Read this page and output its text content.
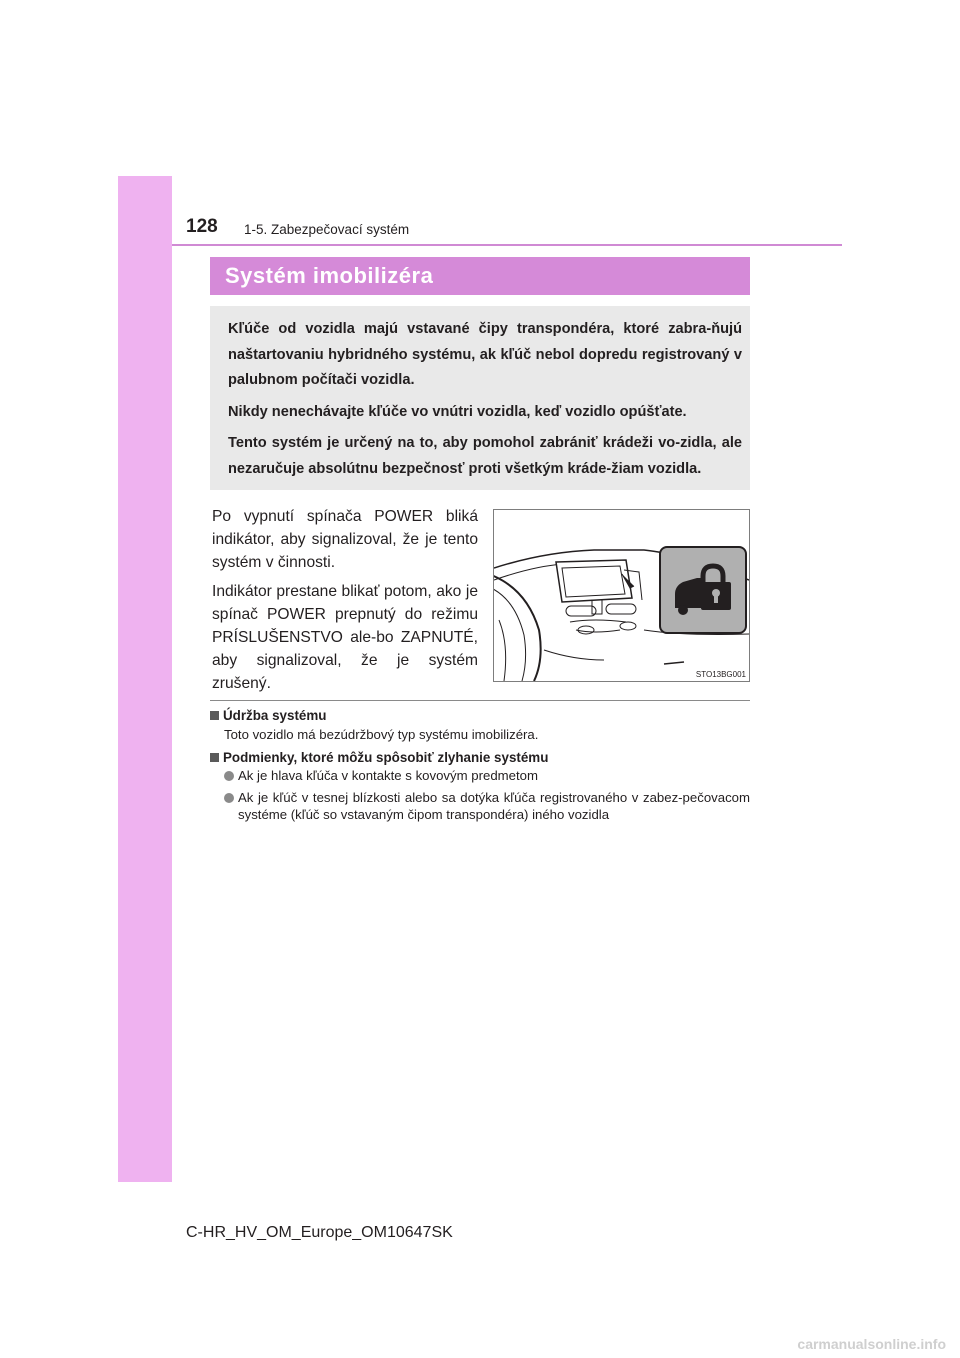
128 1-5. Zabezpečovací systém
Systém imobilizéra

Kľúče od vozidla majú vstavané čipy transpondéra, ktoré zabra-ňujú naštartovaniu hybridného systému, ak kľúč nebol dopredu registrovaný v palubnom počítači vozidla.

Nikdy nenechávajte kľúče vo vnútri vozidla, keď vozidlo opúšťate.

Tento systém je určený na to, aby pomohol zabrániť krádeži vo-zidla, ale nezaručuje absolútnu bezpečnosť proti všetkým kráde-žiam vozidla.

Po vypnutí spínača POWER bliká indikátor, aby signalizoval, že je tento systém v činnosti.

Indikátor prestane blikať potom, ako je spínač POWER prepnutý do režimu PRÍSLUŠENSTVO ale-bo ZAPNUTÉ, aby signalizoval, že je systém zrušený.

STO13BG001
Údržba systému
Toto vozidlo má bezúdržbový typ systému imobilizéra.
Podmienky, ktoré môžu spôsobiť zlyhanie systému
Ak je hlava kľúča v kontakte s kovovým predmetom
Ak je kľúč v tesnej blízkosti alebo sa dotýka kľúča registrovaného v zabez-pečovacom systéme (kľúč so vstavaným čipom transpondéra) iného vozidla
C-HR_HV_OM_Europe_OM10647SK
carmanualsonline.info
